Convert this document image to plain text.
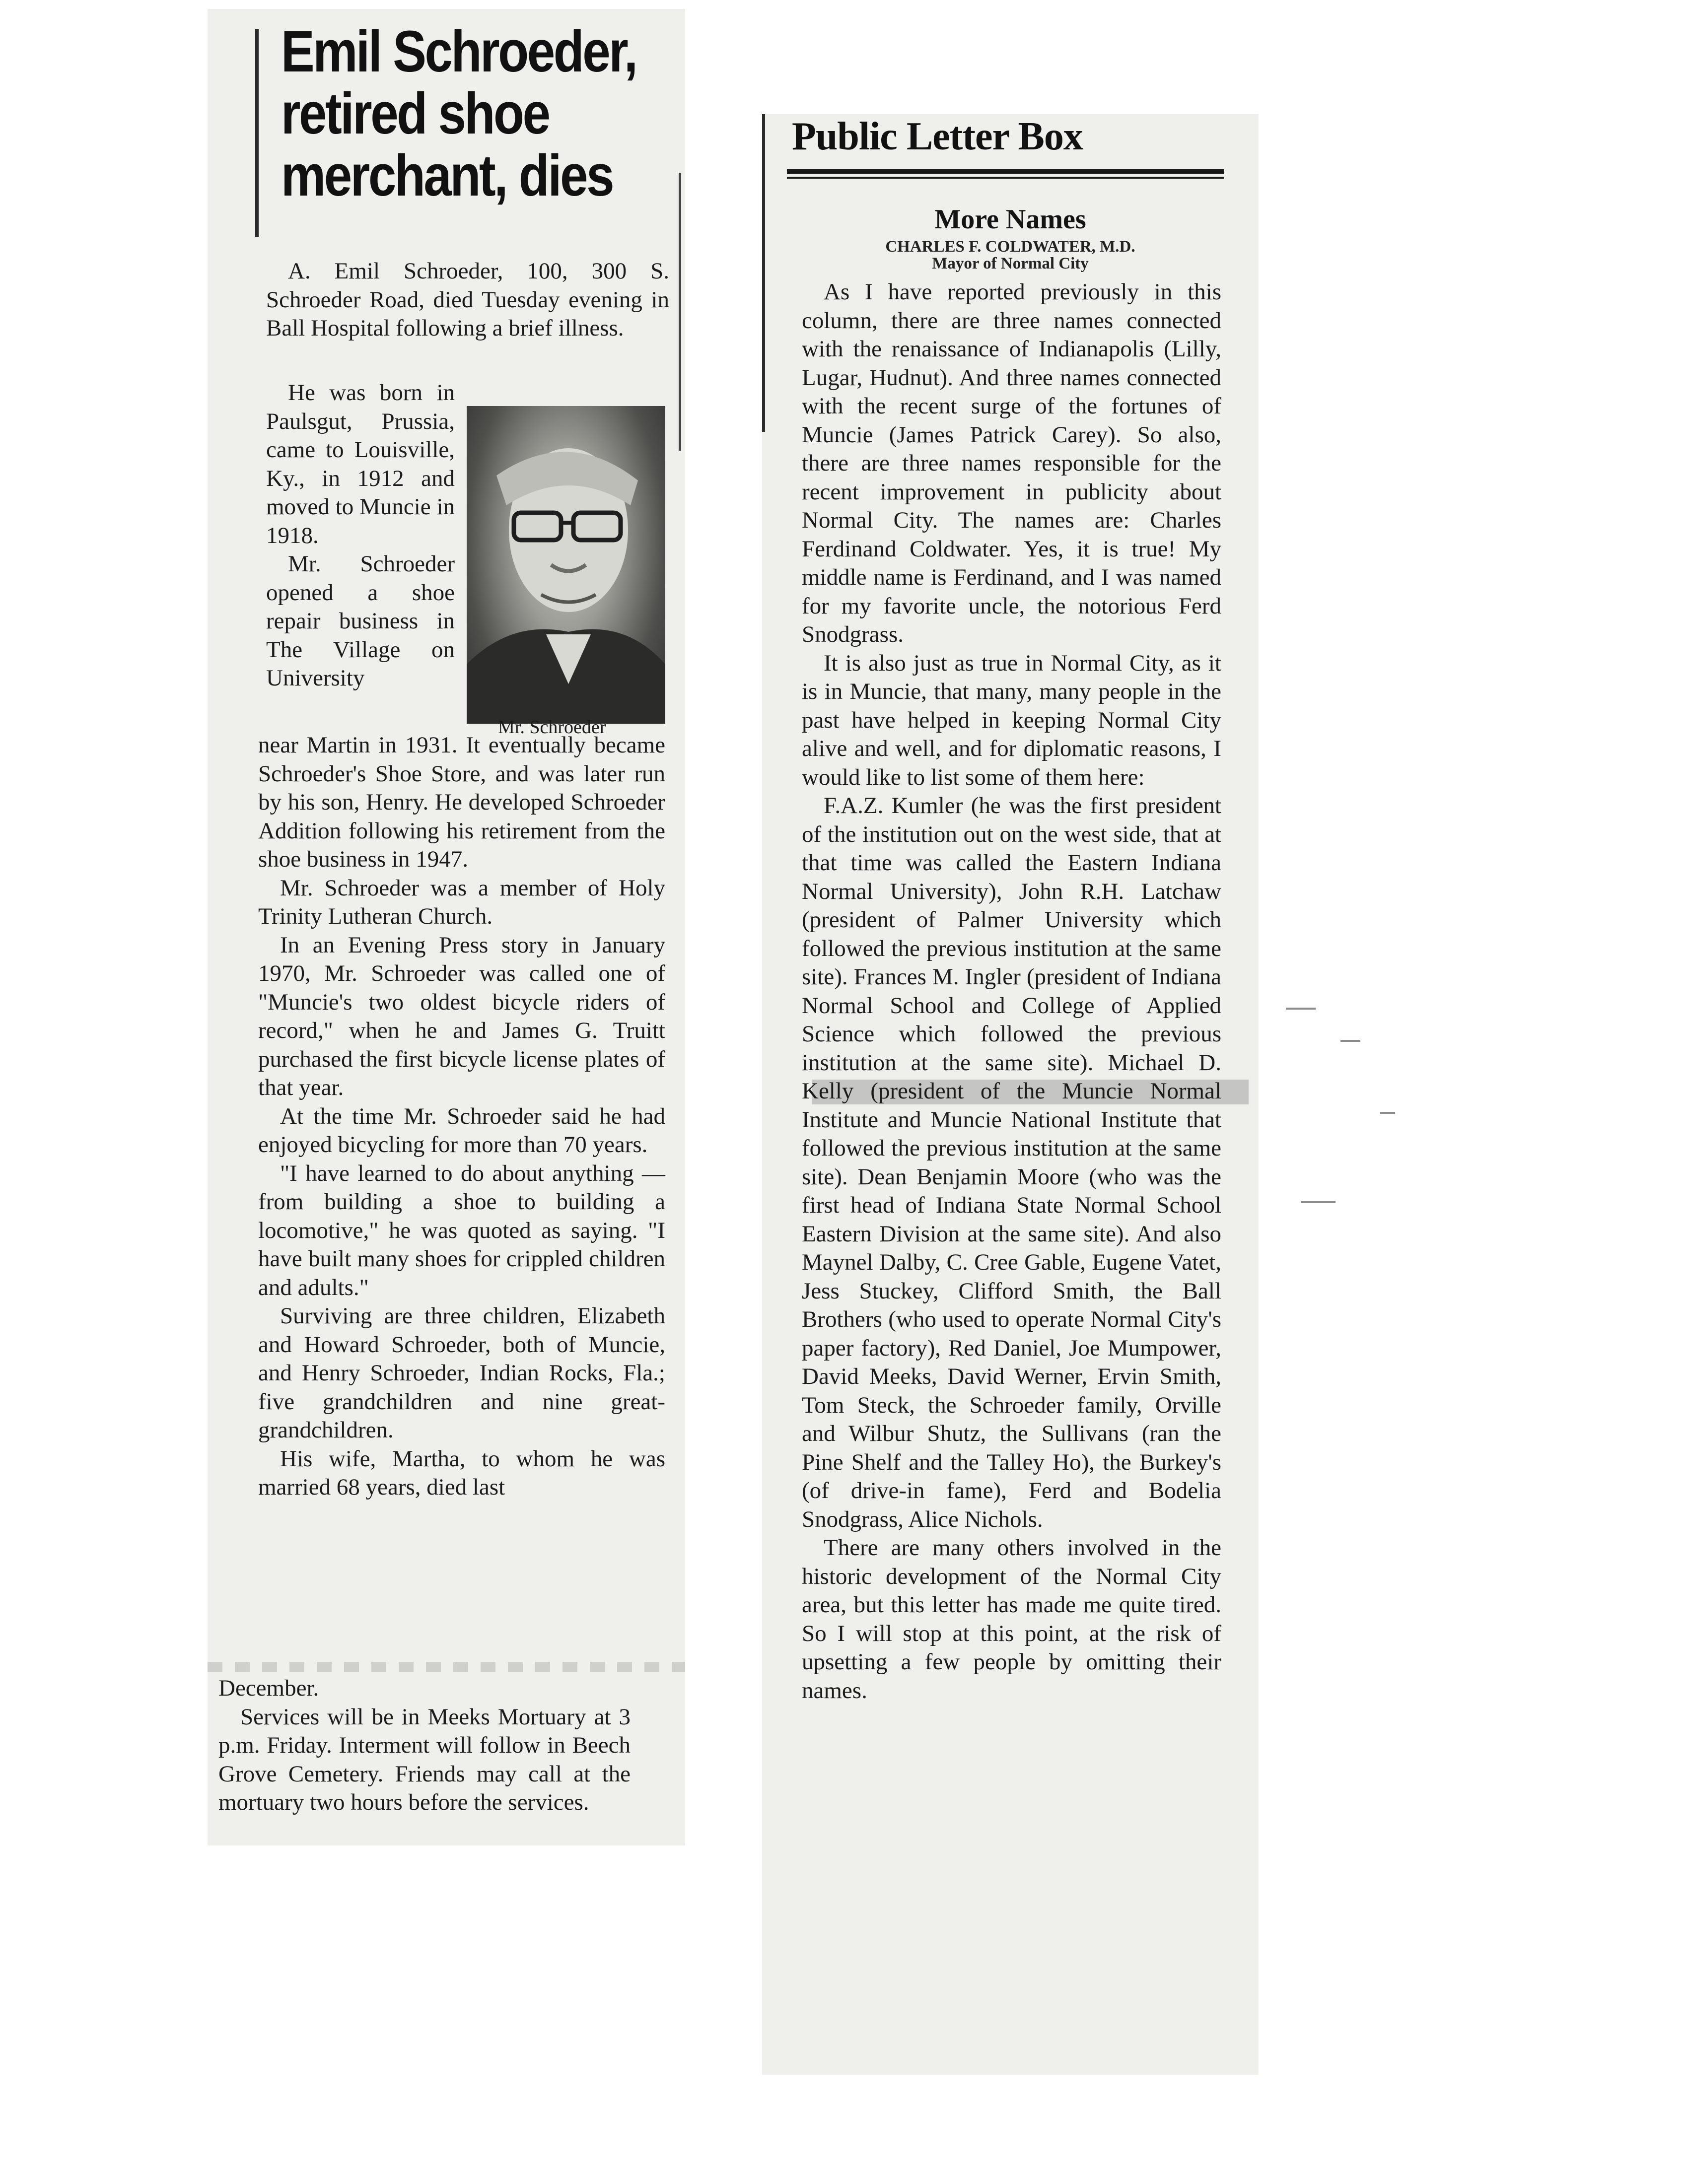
Emil Schroeder,
retired shoe
merchant, dies

A. Emil Schroeder, 100, 300 S. Schroeder Road, died Tuesday evening in Ball Hospital following a brief illness.

He was born in Paulsgut, Prussia, came to Louisville, Ky., in 1912 and moved to Muncie in 1918.

Mr. Schroeder opened a shoe repair business in The Village on University

Mr. Schroeder

near Martin in 1931. It eventually became Schroeder's Shoe Store, and was later run by his son, Henry. He developed Schroeder Addition following his retirement from the shoe business in 1947.

Mr. Schroeder was a member of Holy Trinity Lutheran Church.

In an Evening Press story in January 1970, Mr. Schroeder was called one of "Muncie's two oldest bicycle riders of record," when he and James G. Truitt purchased the first bicycle license plates of that year.

At the time Mr. Schroeder said he had enjoyed bicycling for more than 70 years.

"I have learned to do about anything — from building a shoe to building a locomotive," he was quoted as saying. "I have built many shoes for crippled children and adults."

Surviving are three children, Elizabeth and Howard Schroeder, both of Muncie, and Henry Schroeder, Indian Rocks, Fla.; five grandchildren and nine great-grandchildren.

His wife, Martha, to whom he was married 68 years, died last

December.

Services will be in Meeks Mortuary at 3 p.m. Friday. Interment will follow in Beech Grove Cemetery. Friends may call at the mortuary two hours before the services.

Public Letter Box
More Names
CHARLES F. COLDWATER, M.D.
Mayor of Normal City

As I have reported previously in this column, there are three names connected with the renaissance of Indianapolis (Lilly, Lugar, Hudnut). And three names connected with the recent surge of the fortunes of Muncie (James Patrick Carey). So also, there are three names responsible for the recent improvement in publicity about Normal City. The names are: Charles Ferdinand Coldwater. Yes, it is true! My middle name is Ferdinand, and I was named for my favorite uncle, the notorious Ferd Snodgrass.

It is also just as true in Normal City, as it is in Muncie, that many, many people in the past have helped in keeping Normal City alive and well, and for diplomatic reasons, I would like to list some of them here:

F.A.Z. Kumler (he was the first president of the institution out on the west side, that at that time was called the Eastern Indiana Normal University), John R.H. Latchaw (president of Palmer University which followed the previous institution at the same site). Frances M. Ingler (president of Indiana Normal School and College of Applied Science which followed the previous institution at the same site). Michael D. Kelly (president of the Muncie Normal Institute and Muncie National Institute that followed the previous institution at the same site). Dean Benjamin Moore (who was the first head of Indiana State Normal School Eastern Division at the same site). And also Maynel Dalby, C. Cree Gable, Eugene Vatet, Jess Stuckey, Clifford Smith, the Ball Brothers (who used to operate Normal City's paper factory), Red Daniel, Joe Mumpower, David Meeks, David Werner, Ervin Smith, Tom Steck, the Schroeder family, Orville and Wilbur Shutz, the Sullivans (ran the Pine Shelf and the Talley Ho), the Burkey's (of drive-in fame), Ferd and Bodelia Snodgrass, Alice Nichols.

There are many others involved in the historic development of the Normal City area, but this letter has made me quite tired. So I will stop at this point, at the risk of upsetting a few people by omitting their names.
